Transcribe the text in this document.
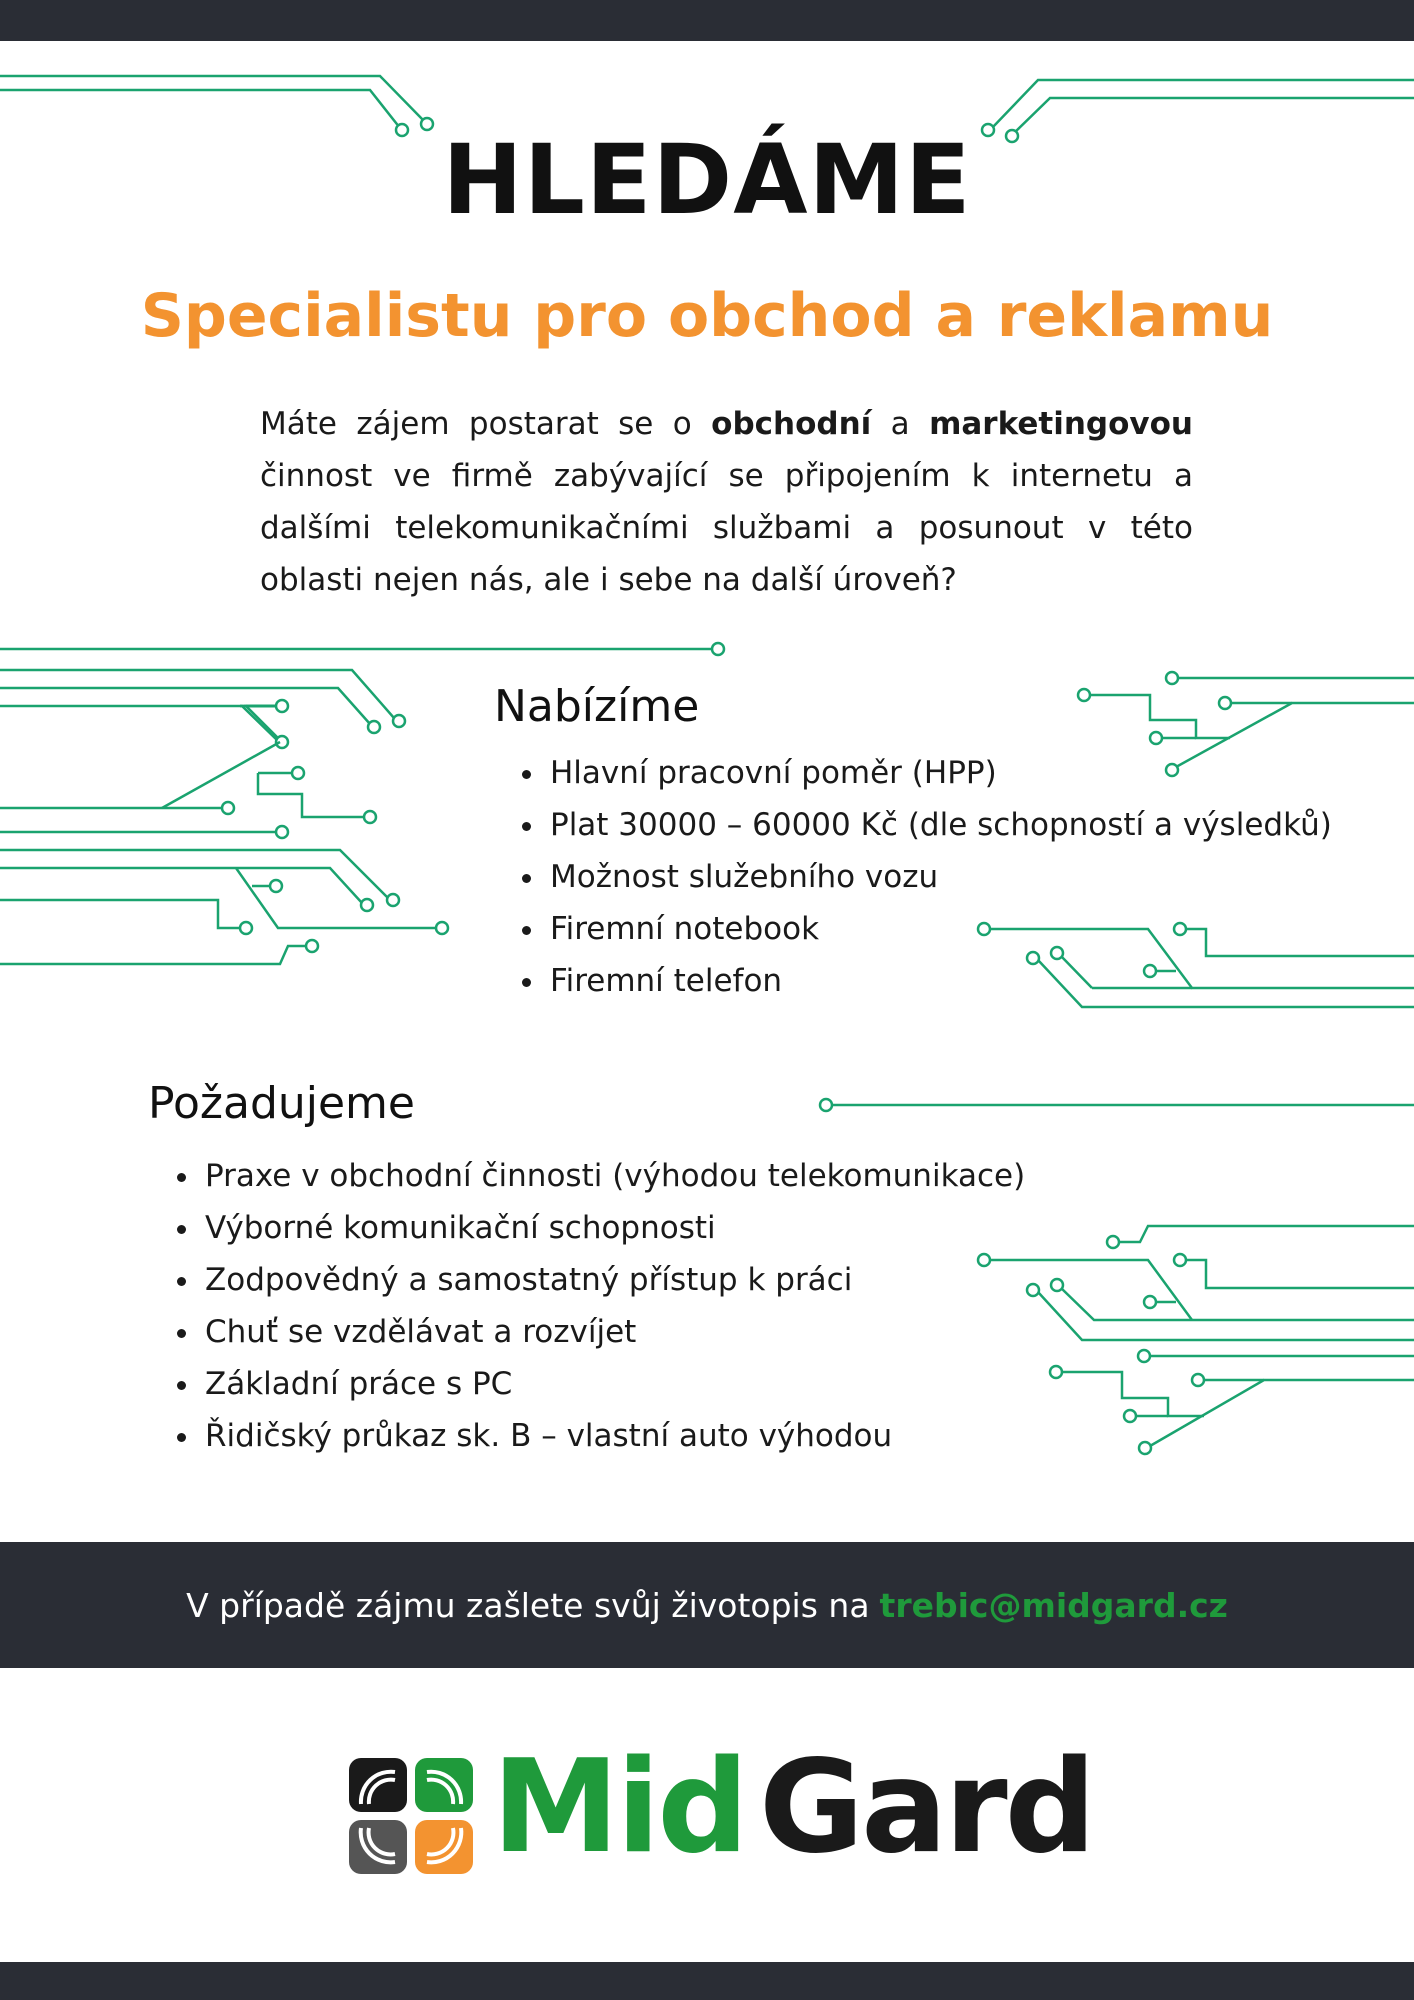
HLEDÁME
Specialistu pro obchod a reklamu

Máte zájem postarat se o obchodní a marketingovou činnost ve firmě zabývající se připojením k internetu a dalšími telekomunikačními službami a posunout v této oblasti nejen nás, ale i sebe na další úroveň?

Nabízíme
• Hlavní pracovní poměr (HPP)
• Plat 30000 – 60000 Kč (dle schopností a výsledků)
• Možnost služebního vozu
• Firemní notebook
• Firemní telefon
Požadujeme
• Praxe v obchodní činnosti (výhodou telekomunikace)
• Výborné komunikační schopnosti
• Zodpovědný a samostatný přístup k práci
• Chuť se vzdělávat a rozvíjet
• Základní práce s PC
• Řidičský průkaz sk. B – vlastní auto výhodou
V případě zájmu zašlete svůj životopis na trebic@midgard.cz
Mid Gard
